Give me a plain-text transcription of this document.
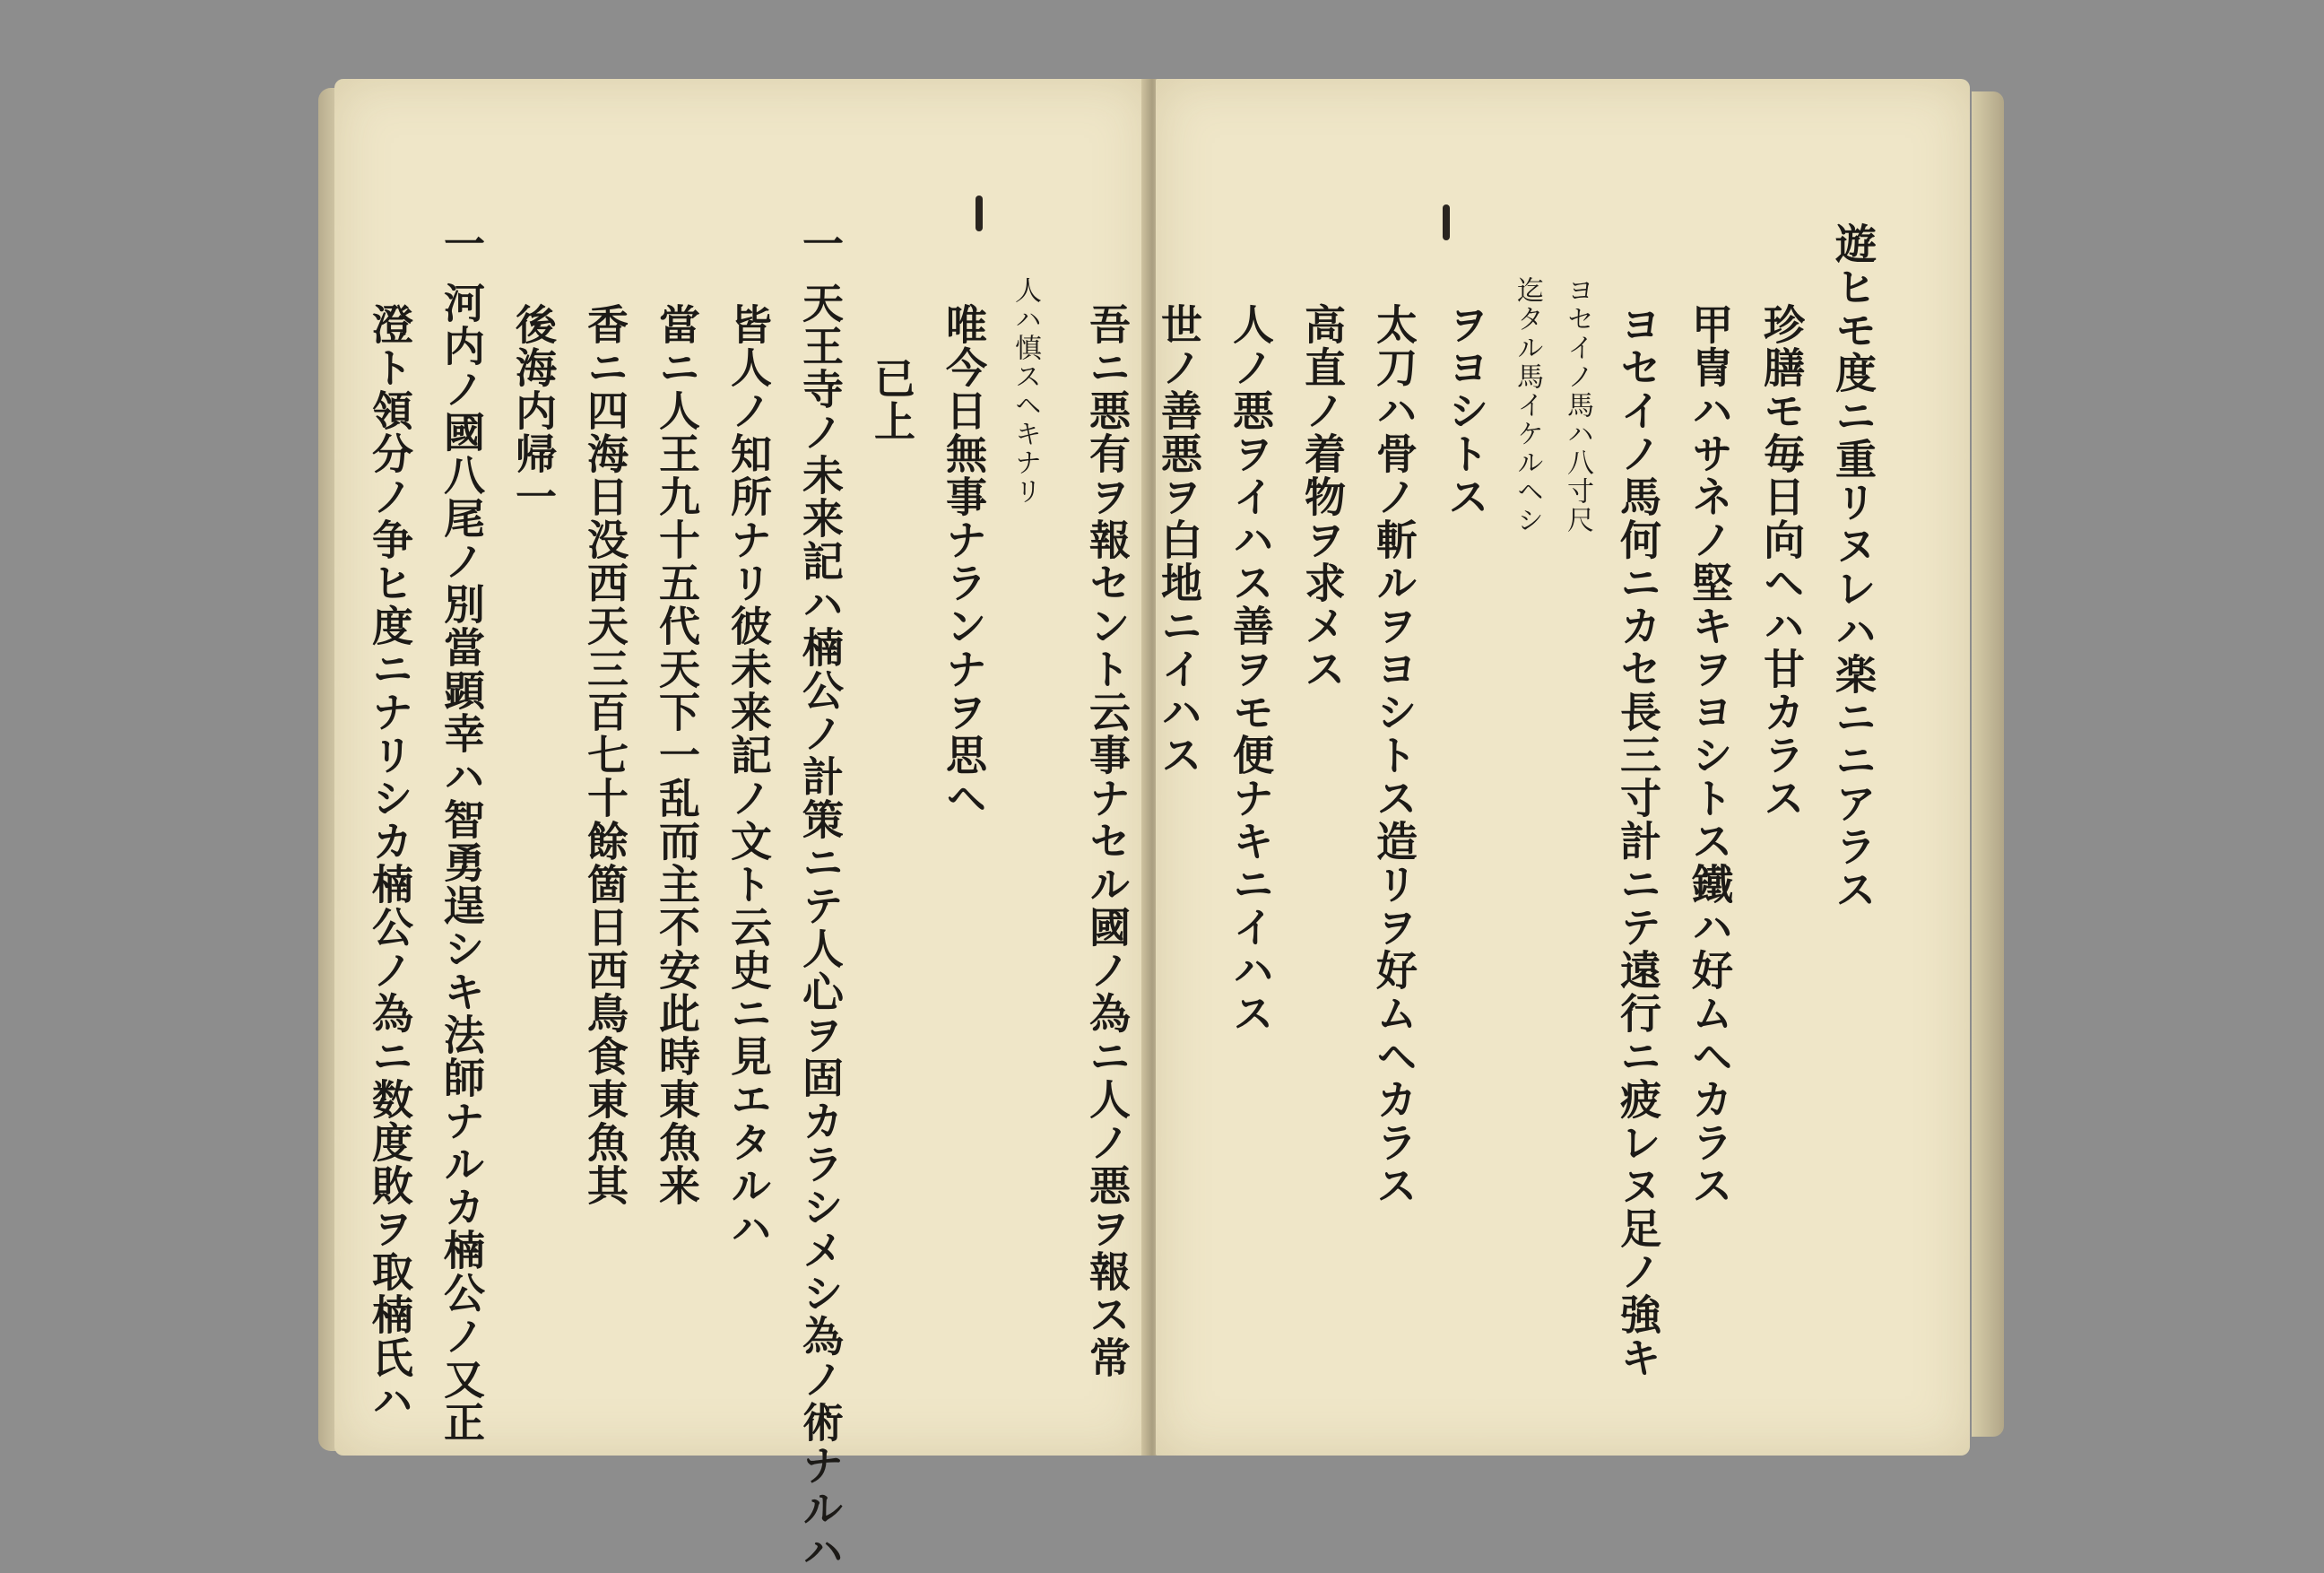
人ハ慎スヘキナリ
唯今日無事ナランナヲ思ヘ
已上
一 天王寺ノ未来記ハ楠公ノ計策ニテ人心ヲ固カラシメシ為ノ術ナルハ
皆人ノ知所ナリ彼未来記ノ文ト云史ニ見エタルハ
當ニ人王九十五代天下一乱而主不安此時東魚来
香ニ四海日没西天三百七十餘箇日西鳥食東魚其
後海内帰一
一 河内ノ國八尾ノ別當顕幸ハ智勇逞シキ法師ナルカ楠公ノ又正
澄ト領分ノ争ヒ度ニナリシカ楠公ノ為ニ数度敗ヲ取楠氏ハ	遊ヒモ度ニ重リヌレハ楽ニニアラス
珍膳モ毎日向ヘハ甘カラス
甲冑ハサネノ堅キヲヨシトス鐵ハ好ムヘカラス
ヨセイノ馬何ニカセ長三寸計ニテ遠行ニ疲レヌ足ノ強キ
ヨセイノ馬ハ八寸尺
迄タル馬イケルヘシ
ヲヨシトス
太刀ハ骨ノ斬ルヲヨシトス造リヲ好ムヘカラス
高直ノ着物ヲ求メス
人ノ悪ヲイハス善ヲモ便ナキニイハス
世ノ善悪ヲ白地ニイハス
吾ニ悪有ヲ報セント云事ナセル國ノ為ニ人ノ悪ヲ報ス常
